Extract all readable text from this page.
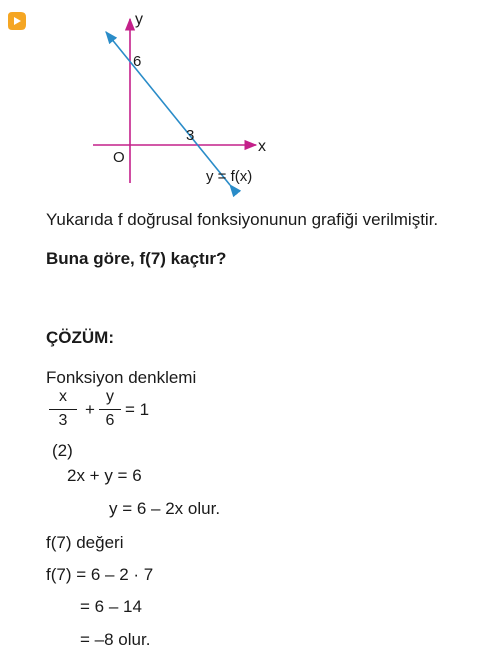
y
x
O
6
3
y = f(x)
Yukarıda f doğrusal fonksiyonunun grafiği verilmiştir.
Buna göre, f(7) kaçtır?
ÇÖZÜM:
Fonksiyon denklemi
x
3
+
y
6
= 1
(2)
2x + y = 6
y = 6 – 2x olur.
f(7) değeri
f(7) = 6 – 2 · 7
= 6 – 14
= –8 olur.
